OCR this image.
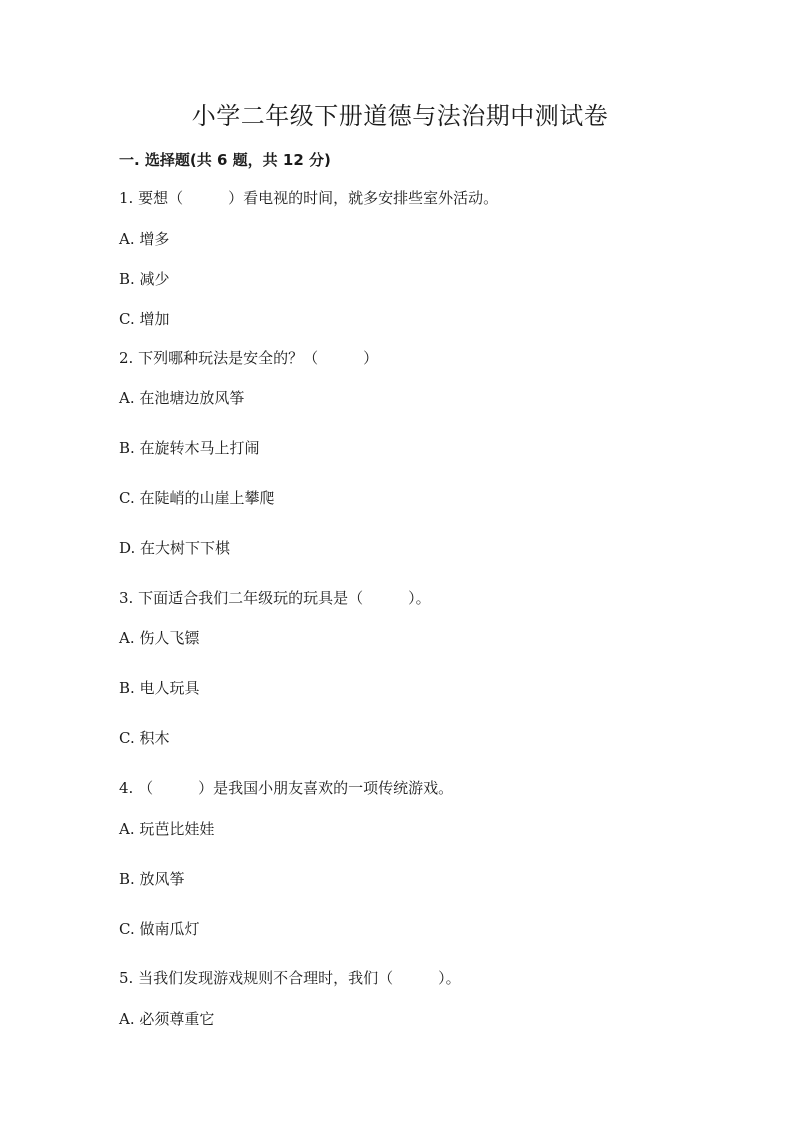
小学二年级下册道德与法治期中测试卷
一. 选择题(共 6 题，共 12 分)
1. 要想（　　　）看电视的时间，就多安排些室外活动。
A. 增多
B. 减少
C. 增加
2. 下列哪种玩法是安全的？（　　　）
A. 在池塘边放风筝
B. 在旋转木马上打闹
C. 在陡峭的山崖上攀爬
D. 在大树下下棋
3. 下面适合我们二年级玩的玩具是（　　　）。
A. 伤人飞镖
B. 电人玩具
C. 积木
4. （　　　）是我国小朋友喜欢的一项传统游戏。
A. 玩芭比娃娃
B. 放风筝
C. 做南瓜灯
5. 当我们发现游戏规则不合理时，我们（　　　）。
A. 必须尊重它
